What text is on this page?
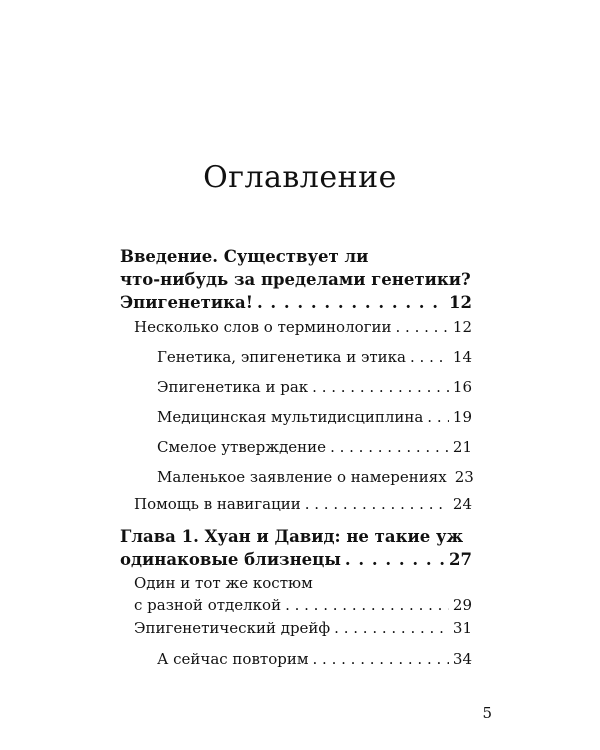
Оглавление
Введение. Существует ли
что-нибудь за пределами генетики?
Эпигенетика! . . .	12
Несколько слов о терминологии . . .	12
Генетика, эпигенетика и этика . . .	14
Эпигенетика и рак . . .	16
Медицинская мультидисциплина . . . 19
Смелое утверждение . . .	21
Маленькое заявление о намерениях 23
Помощь в навигации . . .	24
Глава 1. Хуан и Давид: не такие уж
одинаковые близнецы . . .	27
Один и тот же костюм
с разной отделкой . . .	29
Эпигенетический дрейф . . .	31
А сейчас повторим . . .	34
5
